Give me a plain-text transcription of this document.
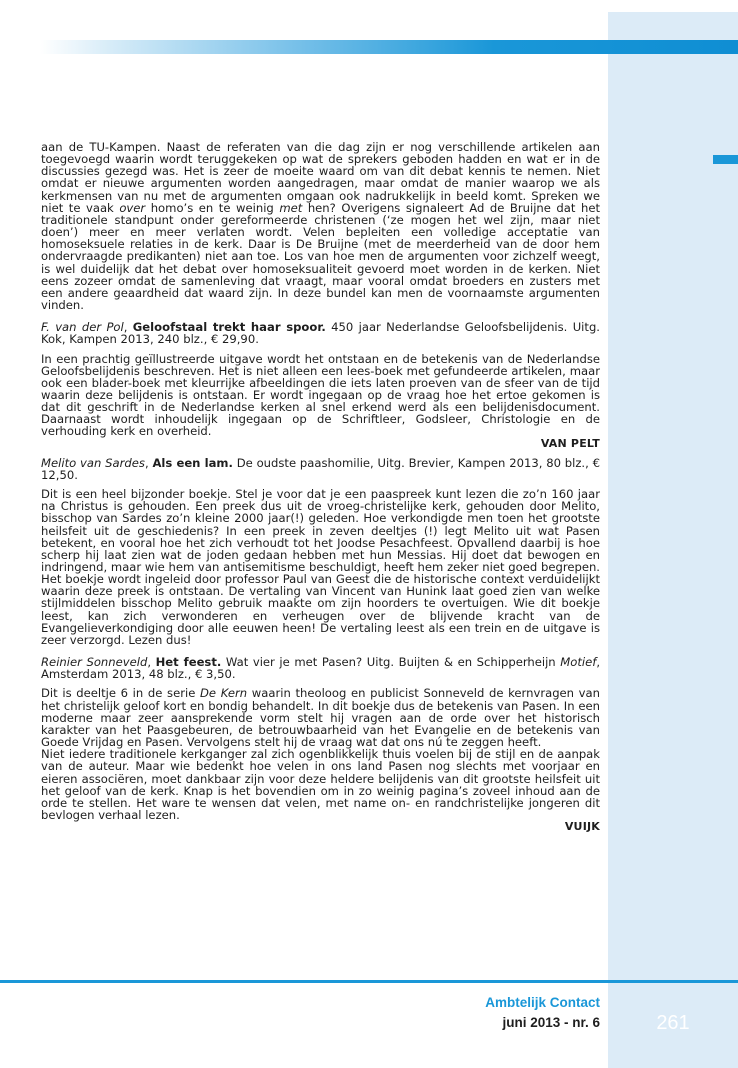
aan de TU-Kampen. Naast de referaten van die dag zijn er nog verschillende artikelen aan toegevoegd waarin wordt teruggekeken op wat de sprekers geboden hadden en wat er in de discussies gezegd was. Het is zeer de moeite waard om van dit debat kennis te nemen. Niet omdat er nieuwe argumenten worden aangedragen, maar omdat de manier waarop we als kerkmensen van nu met de argumenten omgaan ook nadrukkelijk in beeld komt. Spreken we niet te vaak over homo’s en te weinig met hen? Overigens signaleert Ad de Bruijne dat het traditionele standpunt onder gereformeerde christenen (‘ze mogen het wel zijn, maar niet doen’) meer en meer verlaten wordt. Velen bepleiten een volledige acceptatie van homoseksuele relaties in de kerk. Daar is De Bruijne (met de meerderheid van de door hem ondervraagde predikanten) niet aan toe. Los van hoe men de argumenten voor zichzelf weegt, is wel duidelijk dat het debat over homoseksualiteit gevoerd moet worden in de kerken. Niet eens zozeer omdat de samenleving dat vraagt, maar vooral omdat broeders en zusters met een andere geaardheid dat waard zijn. In deze bundel kan men de voornaamste argumenten vinden.

F. van der Pol, Geloofstaal trekt haar spoor. 450 jaar Nederlandse Geloofsbelijdenis. Uitg. Kok, Kampen 2013, 240 blz., € 29,90.

In een prachtig geïllustreerde uitgave wordt het ontstaan en de betekenis van de Nederlandse Geloofsbelijdenis beschreven. Het is niet alleen een lees-boek met gefundeerde artikelen, maar ook een blader-boek met kleurrijke afbeeldingen die iets laten proeven van de sfeer van de tijd waarin deze belijdenis is ontstaan. Er wordt ingegaan op de vraag hoe het ertoe gekomen is dat dit geschrift in de Nederlandse kerken al snel erkend werd als een belijdenisdocument. Daarnaast wordt inhoudelijk ingegaan op de Schriftleer, Godsleer, Christologie en de verhouding kerk en overheid.

VAN PELT

Melito van Sardes, Als een lam. De oudste paashomilie, Uitg. Brevier, Kampen 2013, 80 blz., € 12,50.

Dit is een heel bijzonder boekje. Stel je voor dat je een paaspreek kunt lezen die zo’n 160 jaar na Christus is gehouden. Een preek dus uit de vroeg-christelijke kerk, gehouden door Melito, bisschop van Sardes zo’n kleine 2000 jaar(!) geleden. Hoe verkondigde men toen het grootste heilsfeit uit de geschiedenis? In een preek in zeven deeltjes (!) legt Melito uit wat Pasen betekent, en vooral hoe het zich verhoudt tot het Joodse Pesachfeest. Opvallend daarbij is hoe scherp hij laat zien wat de joden gedaan hebben met hun Messias. Hij doet dat bewogen en indringend, maar wie hem van antisemitisme beschuldigt, heeft hem zeker niet goed begrepen. Het boekje wordt ingeleid door professor Paul van Geest die de historische context verduidelijkt waarin deze preek is ontstaan. De vertaling van Vincent van Hunink laat goed zien van welke stijlmiddelen bisschop Melito gebruik maakte om zijn hoorders te overtuigen. Wie dit boekje leest, kan zich verwonderen en verheugen over de blijvende kracht van de Evangelieverkondiging door alle eeuwen heen! De vertaling leest als een trein en de uitgave is zeer verzorgd. Lezen dus!

Reinier Sonneveld, Het feest. Wat vier je met Pasen? Uitg. Buijten & en Schipperheijn Motief, Amsterdam 2013, 48 blz., € 3,50.

Dit is deeltje 6 in de serie De Kern waarin theoloog en publicist Sonneveld de kernvragen van het christelijk geloof kort en bondig behandelt. In dit boekje dus de betekenis van Pasen. In een moderne maar zeer aansprekende vorm stelt hij vragen aan de orde over het historisch karakter van het Paasgebeuren, de betrouwbaarheid van het Evangelie en de betekenis van Goede Vrijdag en Pasen. Vervolgens stelt hij de vraag wat dat ons nú te zeggen heeft.

Niet iedere traditionele kerkganger zal zich ogenblikkelijk thuis voelen bij de stijl en de aanpak van de auteur. Maar wie bedenkt hoe velen in ons land Pasen nog slechts met voorjaar en eieren associëren, moet dankbaar zijn voor deze heldere belijdenis van dit grootste heilsfeit uit het geloof van de kerk. Knap is het bovendien om in zo weinig pagina’s zoveel inhoud aan de orde te stellen. Het ware te wensen dat velen, met name on- en randchristelijke jongeren dit bevlogen verhaal lezen.

VUIJK

Ambtelijk Contact
juni 2013 - nr. 6	261
